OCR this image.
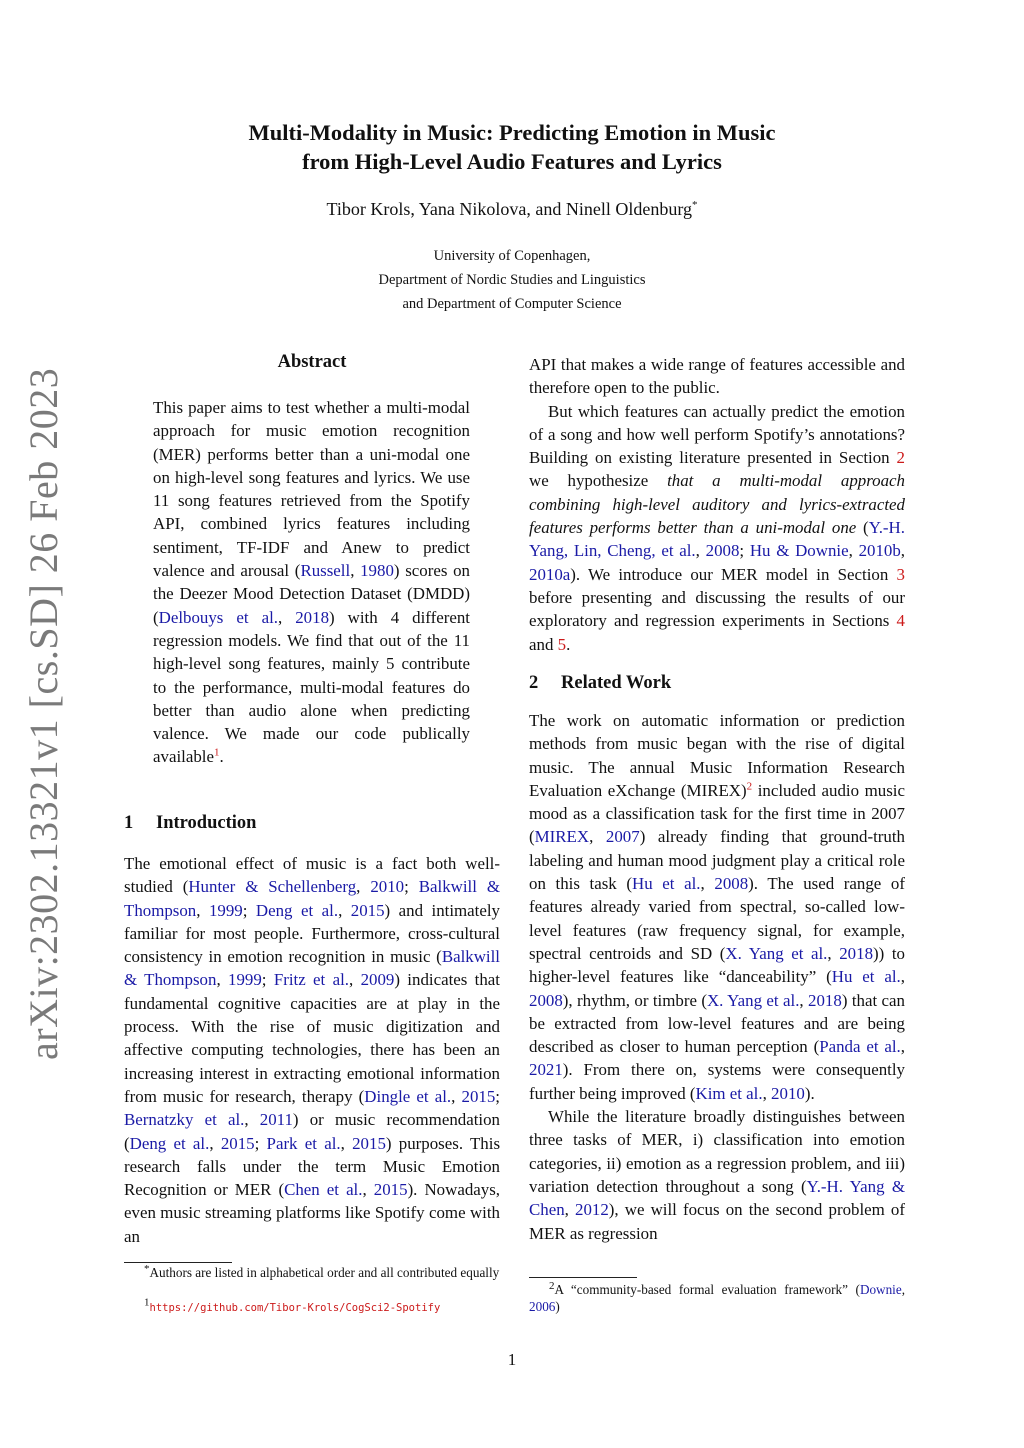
arXiv:2302.13321v1 [cs.SD] 26 Feb 2023
Multi-Modality in Music: Predicting Emotion in Music
from High-Level Audio Features and Lyrics
Tibor Krols, Yana Nikolova, and Ninell Oldenburg*
University of Copenhagen,
Department of Nordic Studies and Linguistics
and Department of Computer Science
Abstract
This paper aims to test whether a multi-modal approach for music emotion recognition (MER) performs better than a uni-modal one on high-level song features and lyrics. We use 11 song features retrieved from the Spotify API, combined lyrics features including sentiment, TF-IDF and Anew to predict valence and arousal (Russell, 1980) scores on the Deezer Mood Detection Dataset (DMDD) (Delbouys et al., 2018) with 4 different regression models. We find that out of the 11 high-level song features, mainly 5 contribute to the performance, multi-modal features do better than audio alone when predicting valence. We made our code publically available$^1$.
1 Introduction
The emotional effect of music is a fact both well-studied (Hunter & Schellenberg, 2010; Balkwill & Thompson, 1999; Deng et al., 2015) and intimately familiar for most people. Furthermore, cross-cultural consistency in emotion recognition in music (Balkwill & Thompson, 1999; Fritz et al., 2009) indicates that fundamental cognitive capacities are at play in the process. With the rise of music digitization and affective computing technologies, there has been an increasing interest in extracting emotional information from music for research, therapy (Dingle et al., 2015; Bernatzky et al., 2011) or music recommendation (Deng et al., 2015; Park et al., 2015) purposes. This research falls under the term Music Emotion Recognition or MER (Chen et al., 2015). Nowadays, even music streaming platforms like Spotify come with an
*Authors are listed in alphabetical order and all contributed equally
$^1$https://github.com/Tibor-Krols/CogSci2-Spotify

API that makes a wide range of features accessible and therefore open to the public.

But which features can actually predict the emotion of a song and how well perform Spotify’s annotations? Building on existing literature presented in Section 2 we hypothesize that a multi-modal approach combining high-level auditory and lyrics-extracted features performs better than a uni-modal one (Y.-H. Yang, Lin, Cheng, et al., 2008; Hu & Downie, 2010b, 2010a). We introduce our MER model in Section 3 before presenting and discussing the results of our exploratory and regression experiments in Sections 4 and 5.

2 Related Work

The work on automatic information or prediction methods from music began with the rise of digital music. The annual Music Information Research Evaluation eXchange (MIREX)$^2$ included audio music mood as a classification task for the first time in 2007 (MIREX, 2007) already finding that ground-truth labeling and human mood judgment play a critical role on this task (Hu et al., 2008). The used range of features already varied from spectral, so-called low-level features (raw frequency signal, for example, spectral centroids and SD (X. Yang et al., 2018)) to higher-level features like “danceability” (Hu et al., 2008), rhythm, or timbre (X. Yang et al., 2018) that can be extracted from low-level features and are being described as closer to human perception (Panda et al., 2021). From there on, systems were consequently further being improved (Kim et al., 2010).

While the literature broadly distinguishes between three tasks of MER, i) classification into emotion categories, ii) emotion as a regression problem, and iii) variation detection throughout a song (Y.-H. Yang & Chen, 2012), we will focus on the second problem of MER as regression

$^2$A “community-based formal evaluation framework” (Downie, 2006)
1
